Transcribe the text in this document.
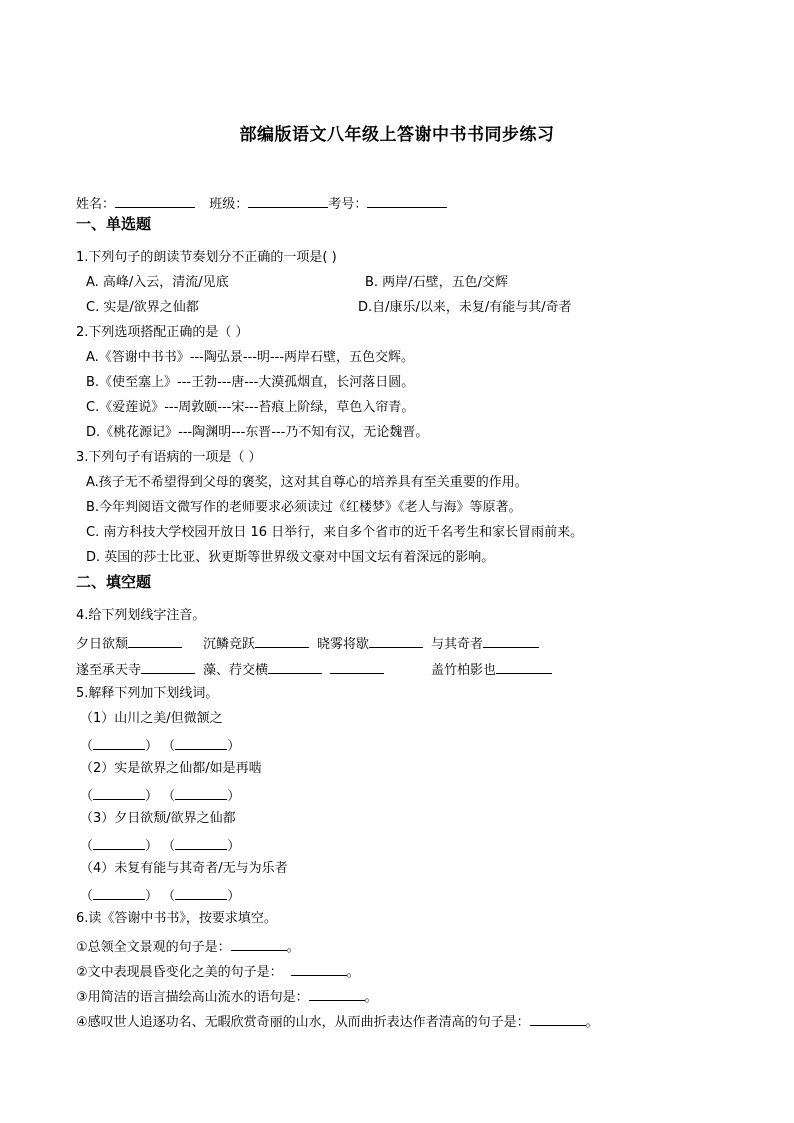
部编版语文八年级上答谢中书书同步练习
姓名：	班级：	考号：
一、单选题
1.下列句子的朗读节奏划分不正确的一项是( )
A. 高峰/入云，清流/见底	B. 两岸/石壁，五色/交辉
C. 实是/欲界之仙都	D.自/康乐/以来，未复/有能与其/奇者
2.下列选项搭配正确的是（ ）
A.《答谢中书书》---陶弘景---明---两岸石壁，五色交辉。
B.《使至塞上》---王勃---唐---大漠孤烟直，长河落日圆。
C.《爱莲说》---周敦颐---宋---苔痕上阶绿，草色入帘青。
D.《桃花源记》---陶渊明---东晋---乃不知有汉，无论魏晋。
3.下列句子有语病的一项是（ ）
A.孩子无不希望得到父母的褒奖，这对其自尊心的培养具有至关重要的作用。
B.今年判阅语文微写作的老师要求必须读过《红楼梦》《老人与海》等原著。
C. 南方科技大学校园开放日 16 日举行，来自多个省市的近千名考生和家长冒雨前来。
D. 英国的莎士比亚、狄更斯等世界级文豪对中国文坛有着深远的影响。
二、填空题
4.给下列划线字注音。
夕日欲颓	沉鳞竞跃	晓雾将歇	与其奇者
遂至承天寺	藻、荇交横	盖竹柏影也
5.解释下列加下划线词。
（1）山川之美/但微颔之
（	） （	）
（2）实是欲界之仙都/如是再啮
（	） （	）
（3）夕日欲颓/欲界之仙都
（	） （	）
（4）未复有能与其奇者/无与为乐者
（	） （	）
6.读《答谢中书书》，按要求填空。
①总领全文景观的句子是：	。
②文中表现晨昏变化之美的句子是：	。
③用简洁的语言描绘高山流水的语句是：	。
④感叹世人追逐功名、无暇欣赏奇丽的山水，从而曲折表达作者清高的句子是：	。
